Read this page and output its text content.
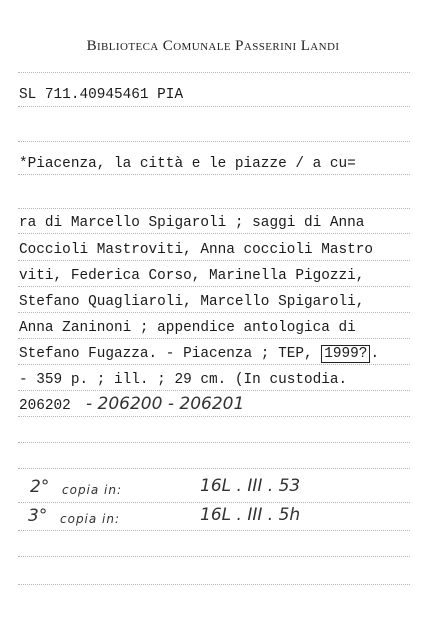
Biblioteca Comunale Passerini Landi
SL 711.40945461 PIA
*Piacenza, la città e le piazze / a cu=
ra di Marcello Spigaroli ; saggi di Anna
Coccioli Mastroviti, Anna coccioli Mastro
viti, Federica Corso, Marinella Pigozzi,
Stefano Quagliaroli, Marcello Spigaroli,
Anna Zaninoni ; appendice antologica di
Stefano Fugazza. - Piacenza ; TEP, 1999? .
- 359 p. ; ill. ; 29 cm. (In custodia.
206202 - 206200 - 206201
2° copia in:	16L . III . 53
3° copia in:	16L . III . 5h
